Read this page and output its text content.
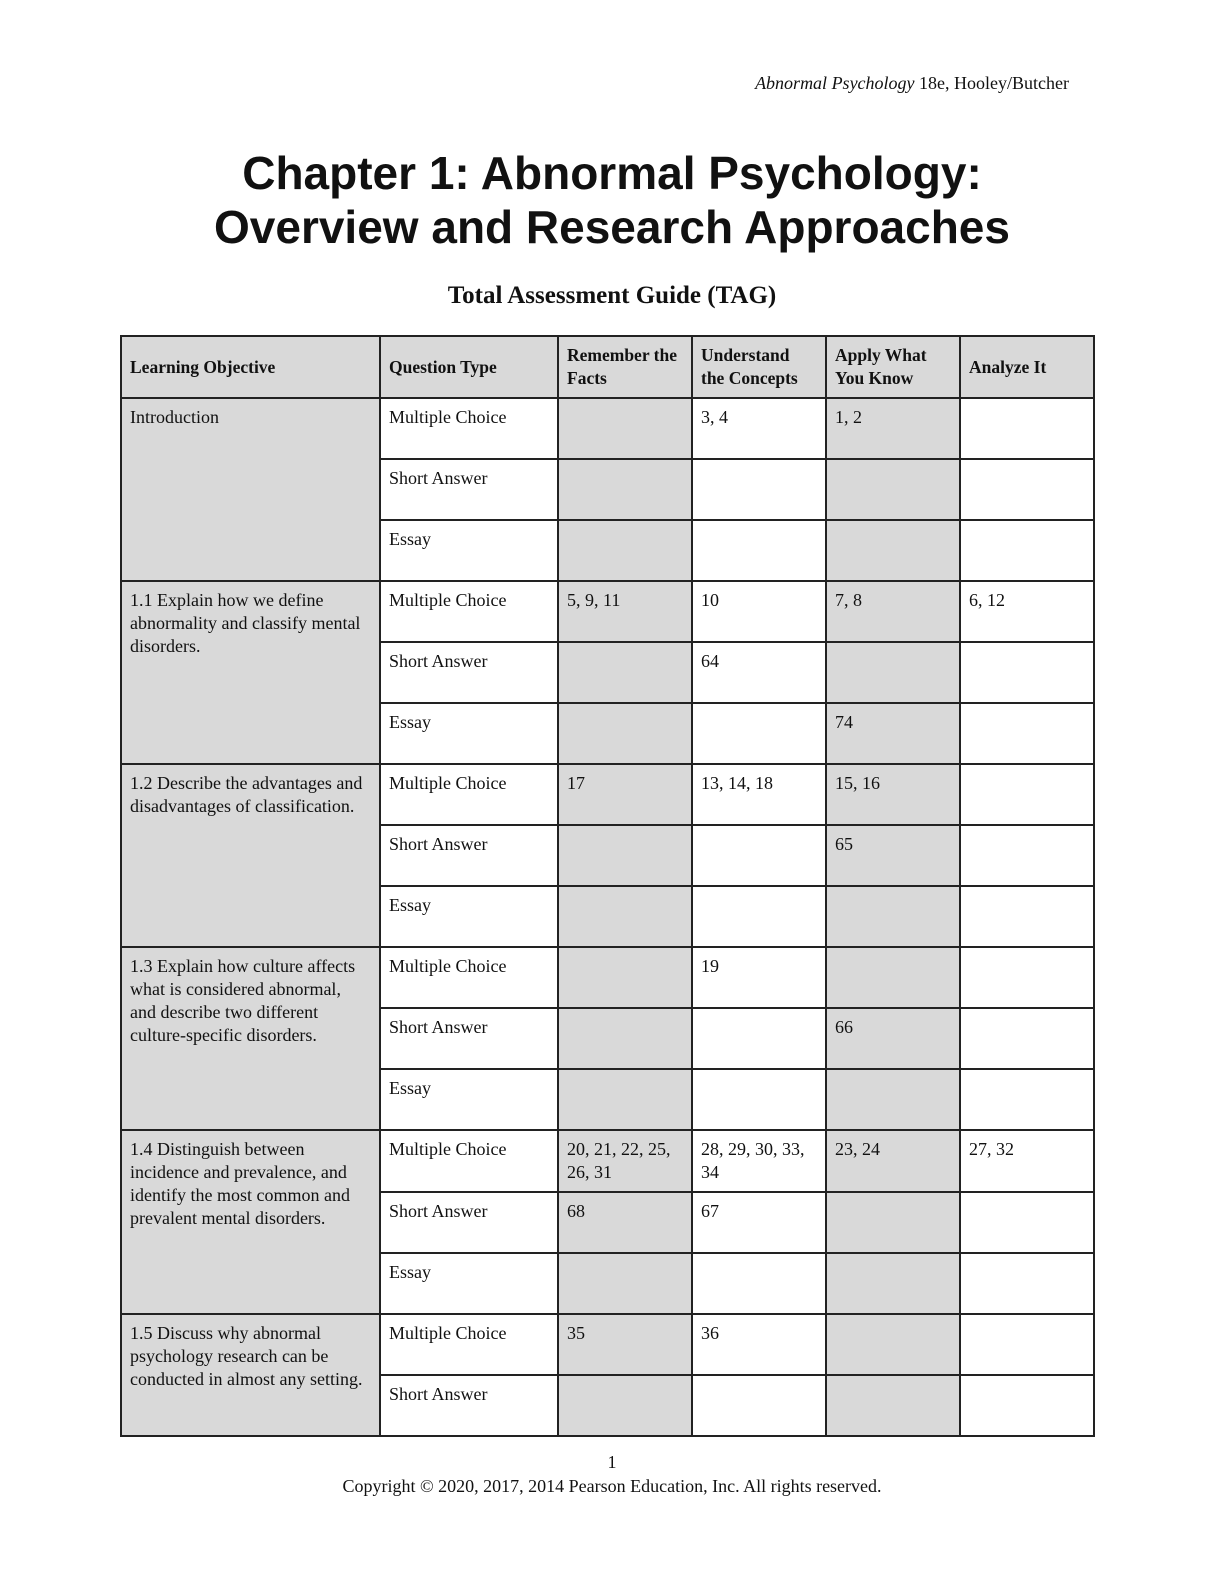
Abnormal Psychology 18e, Hooley/Butcher
Chapter 1: Abnormal Psychology:
Overview and Research Approaches
Total Assessment Guide (TAG)
Learning Objective	Question Type	Remember the Facts	Understand the Concepts	Apply What You Know	Analyze It
Introduction	Multiple Choice		3, 4	1, 2	
	Short Answer				
	Essay				
1.1 Explain how we define abnormality and classify mental disorders.	Multiple Choice	5, 9, 11	10	7, 8	6, 12
	Short Answer		64		
	Essay			74	
1.2 Describe the advantages and disadvantages of classification.	Multiple Choice	17	13, 14, 18	15, 16	
	Short Answer			65	
	Essay				
1.3 Explain how culture affects what is considered abnormal, and describe two different culture-specific disorders.	Multiple Choice		19		
	Short Answer			66	
	Essay				
1.4 Distinguish between incidence and prevalence, and identify the most common and prevalent mental disorders.	Multiple Choice	20, 21, 22, 25, 26, 31	28, 29, 30, 33, 34	23, 24	27, 32
	Short Answer	68	67		
	Essay				
1.5 Discuss why abnormal psychology research can be conducted in almost any setting.	Multiple Choice	35	36		
	Short Answer				
1
Copyright © 2020, 2017, 2014 Pearson Education, Inc. All rights reserved.
